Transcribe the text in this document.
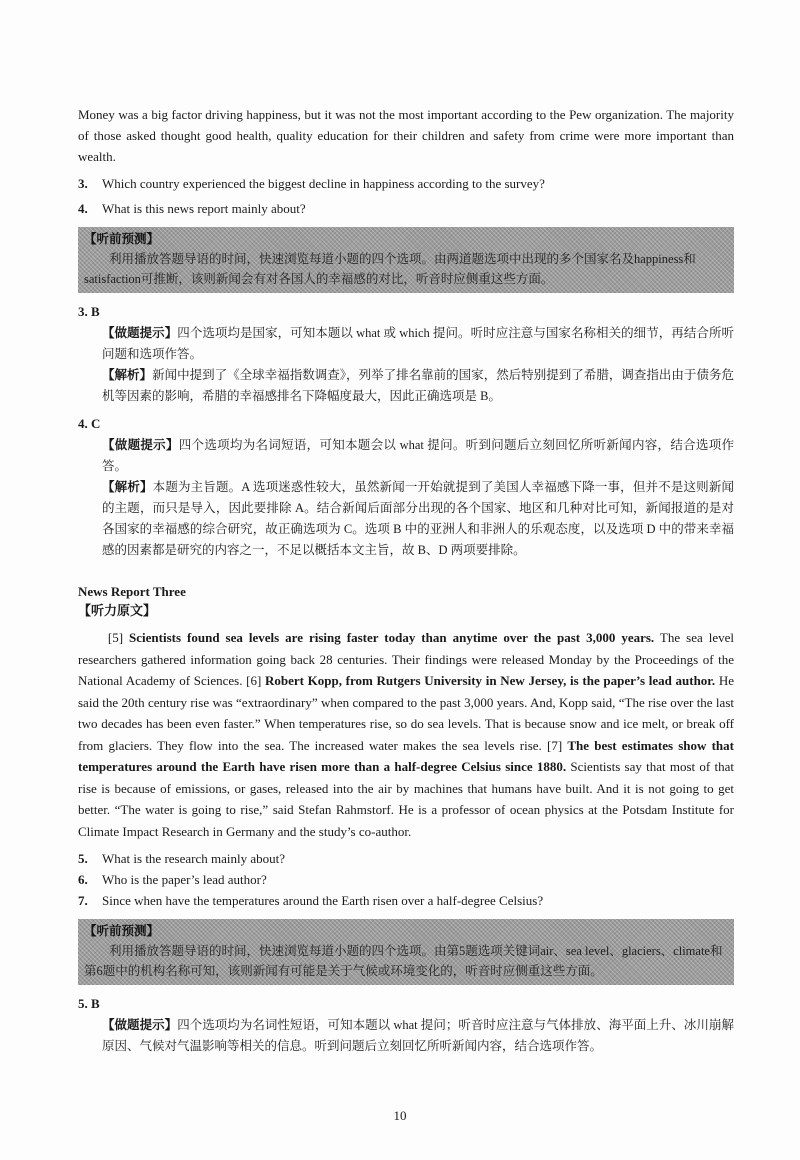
Money was a big factor driving happiness, but it was not the most important according to the Pew organization. The majority of those asked thought good health, quality education for their children and safety from crime were more important than wealth.

3. Which country experienced the biggest decline in happiness according to the survey?

4. What is this news report mainly about?

【听前预测】
利用播放答题导语的时间，快速浏览每道小题的四个选项。由两道题选项中出现的多个国家名及happiness和satisfaction可推断，该则新闻会有对各国人的幸福感的对比，听音时应侧重这些方面。

3. B

【做题提示】四个选项均是国家，可知本题以 what 或 which 提问。听时应注意与国家名称相关的细节，再结合所听问题和选项作答。

【解析】新闻中提到了《全球幸福指数调查》，列举了排名靠前的国家，然后特别提到了希腊，调查指出由于债务危机等因素的影响，希腊的幸福感排名下降幅度最大，因此正确选项是 B。

4. C

【做题提示】四个选项均为名词短语，可知本题会以 what 提问。听到问题后立刻回忆所听新闻内容，结合选项作答。

【解析】本题为主旨题。A 选项迷惑性较大，虽然新闻一开始就提到了美国人幸福感下降一事，但并不是这则新闻的主题，而只是导入，因此要排除 A。结合新闻后面部分出现的各个国家、地区和几种对比可知，新闻报道的是对各国家的幸福感的综合研究，故正确选项为 C。选项 B 中的亚洲人和非洲人的乐观态度，以及选项 D 中的带来幸福感的因素都是研究的内容之一，不足以概括本文主旨，故 B、D 两项要排除。

News Report Three

【听力原文】

[5] Scientists found sea levels are rising faster today than anytime over the past 3,000 years. The sea level researchers gathered information going back 28 centuries. Their findings were released Monday by the Proceedings of the National Academy of Sciences. [6] Robert Kopp, from Rutgers University in New Jersey, is the paper’s lead author. He said the 20th century rise was “extraordinary” when compared to the past 3,000 years. And, Kopp said, “The rise over the last two decades has been even faster.” When temperatures rise, so do sea levels. That is because snow and ice melt, or break off from glaciers. They flow into the sea. The increased water makes the sea levels rise. [7] The best estimates show that temperatures around the Earth have risen more than a half-degree Celsius since 1880. Scientists say that most of that rise is because of emissions, or gases, released into the air by machines that humans have built. And it is not going to get better. “The water is going to rise,” said Stefan Rahmstorf. He is a professor of ocean physics at the Potsdam Institute for Climate Impact Research in Germany and the study’s co-author.

5. What is the research mainly about?

6. Who is the paper’s lead author?

7. Since when have the temperatures around the Earth risen over a half-degree Celsius?

【听前预测】
利用播放答题导语的时间，快速浏览每道小题的四个选项。由第5题选项关键词air、sea level、glaciers、climate和第6题中的机构名称可知，该则新闻有可能是关于气候或环境变化的，听音时应侧重这些方面。

5. B

【做题提示】四个选项均为名词性短语，可知本题以 what 提问；听音时应注意与气体排放、海平面上升、冰川崩解原因、气候对气温影响等相关的信息。听到问题后立刻回忆所听新闻内容，结合选项作答。

10
